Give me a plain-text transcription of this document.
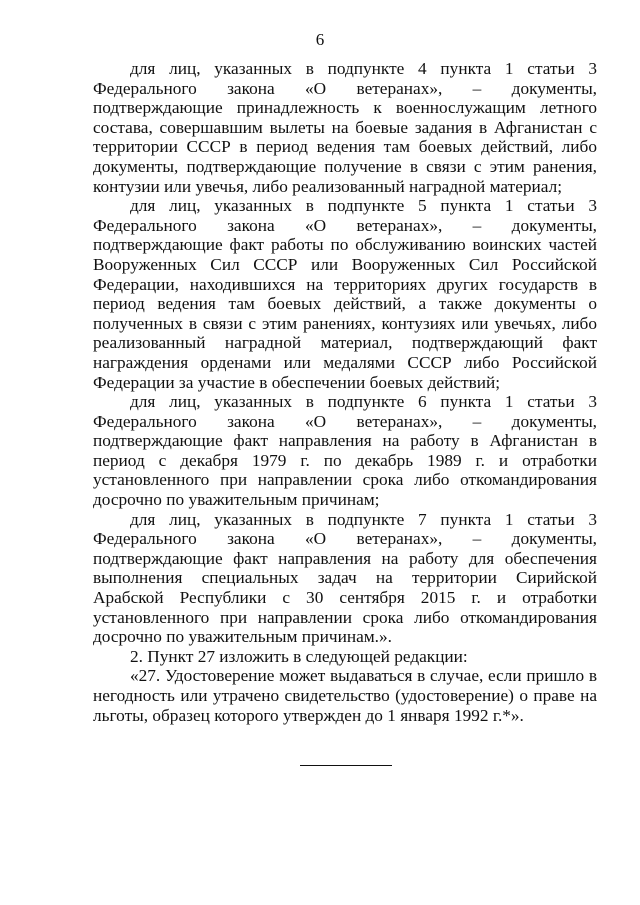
6

для лиц, указанных в подпункте 4 пункта 1 статьи 3 Федерального закона «О ветеранах», – документы, подтверждающие принадлежность к военнослужащим летного состава, совершавшим вылеты на боевые задания в Афганистан с территории СССР в период ведения там боевых действий, либо документы, подтверждающие получение в связи с этим ранения, контузии или увечья, либо реализованный наградной материал;

для лиц, указанных в подпункте 5 пункта 1 статьи 3 Федерального закона «О ветеранах», – документы, подтверждающие факт работы по обслуживанию воинских частей Вооруженных Сил СССР или Вооруженных Сил Российской Федерации, находившихся на территориях других государств в период ведения там боевых действий, а также документы о полученных в связи с этим ранениях, контузиях или увечьях, либо реализованный наградной материал, подтверждающий факт награждения орденами или медалями СССР либо Российской Федерации за участие в обеспечении боевых действий;

для лиц, указанных в подпункте 6 пункта 1 статьи 3 Федерального закона «О ветеранах», – документы, подтверждающие факт направления на работу в Афганистан в период с декабря 1979 г. по декабрь 1989 г. и отработки установленного при направлении срока либо откомандирования досрочно по уважительным причинам;

для лиц, указанных в подпункте 7 пункта 1 статьи 3 Федерального закона «О ветеранах», – документы, подтверждающие факт направления на работу для обеспечения выполнения специальных задач на территории Сирийской Арабской Республики с 30 сентября 2015 г. и отработки установленного при направлении срока либо откомандирования досрочно по уважительным причинам.».

2. Пункт 27 изложить в следующей редакции:

«27. Удостоверение может выдаваться в случае, если пришло в негодность или утрачено свидетельство (удостоверение) о праве на льготы, образец которого утвержден до 1 января 1992 г.*».
